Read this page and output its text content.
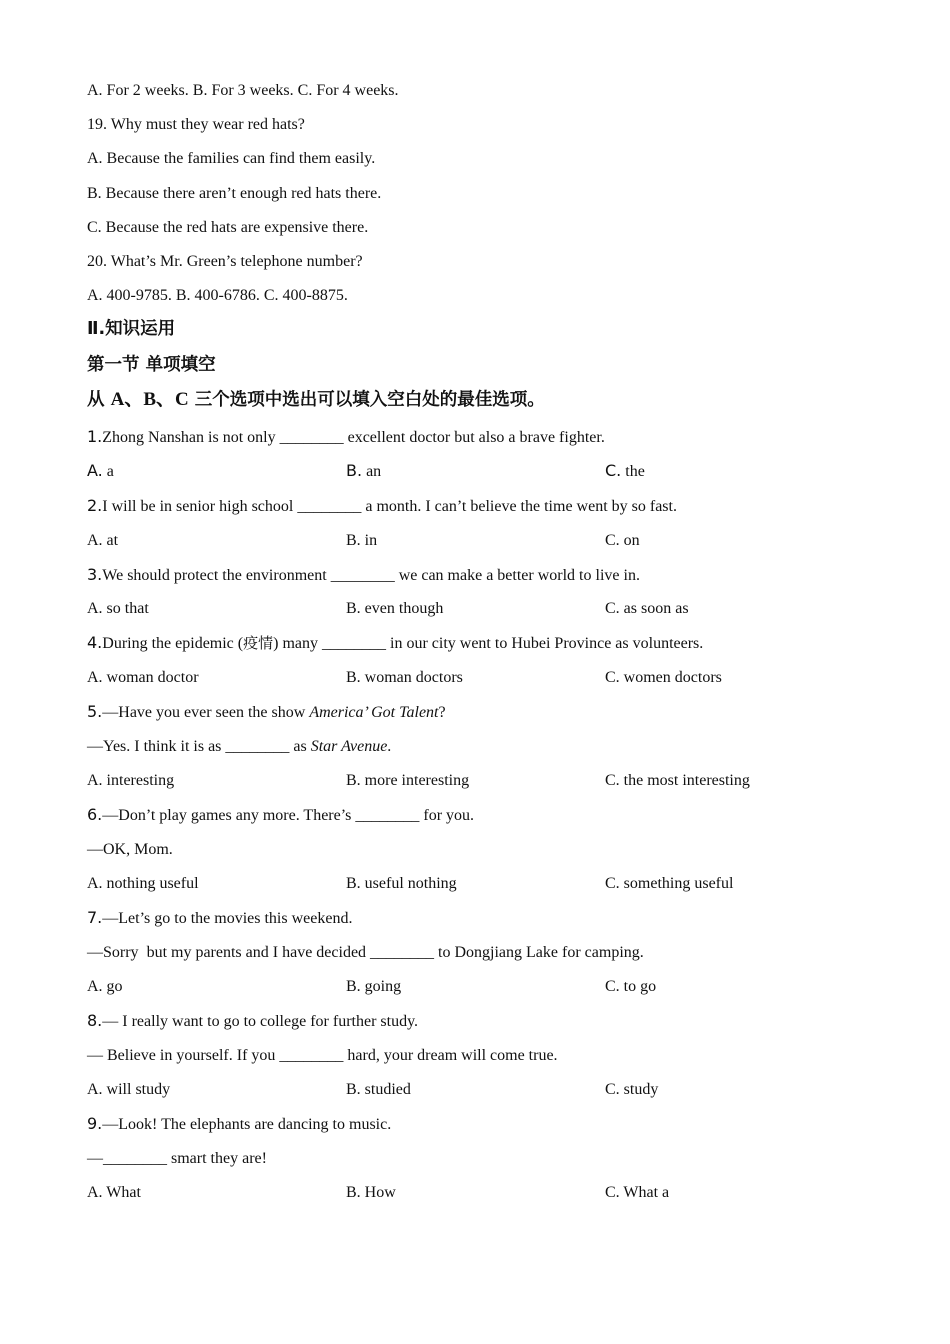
A. For 2 weeks. B. For 3 weeks. C. For 4 weeks.
19. Why must they wear red hats?
A. Because the families can find them easily.
B. Because there aren’t enough red hats there.
C. Because the red hats are expensive there.
20. What’s Mr. Green’s telephone number?
A. 400-9785. B. 400-6786. C. 400-8875.
Ⅱ.知识运用
第一节 单项填空
从 A、B、C 三个选项中选出可以填入空白处的最佳选项。
1.Zhong Nanshan is not only ________ excellent doctor but also a brave fighter.
A. a	B. an	C. the
2.I will be in senior high school ________ a month. I can’t believe the time went by so fast.
A. at	B. in	C. on
3.We should protect the environment ________ we can make a better world to live in.
A. so that	B. even though	C. as soon as
4.During the epidemic (疫情) many ________ in our city went to Hubei Province as volunteers.
A. woman doctor	B. woman doctors	C. women doctors
5.—Have you ever seen the show America’ Got Talent?
—Yes. I think it is as ________ as Star Avenue.
A. interesting	B. more interesting	C. the most interesting
6.—Don’t play games any more. There’s ________ for you.
—OK, Mom.
A. nothing useful	B. useful nothing	C. something useful
7.—Let’s go to the movies this weekend.
—Sorry  but my parents and I have decided ________ to Dongjiang Lake for camping.
A. go	B. going	C. to go
8.— I really want to go to college for further study.
— Believe in yourself. If you ________ hard, your dream will come true.
A. will study	B. studied	C. study
9.—Look! The elephants are dancing to music.
—________ smart they are!
A. What	B. How	C. What a
